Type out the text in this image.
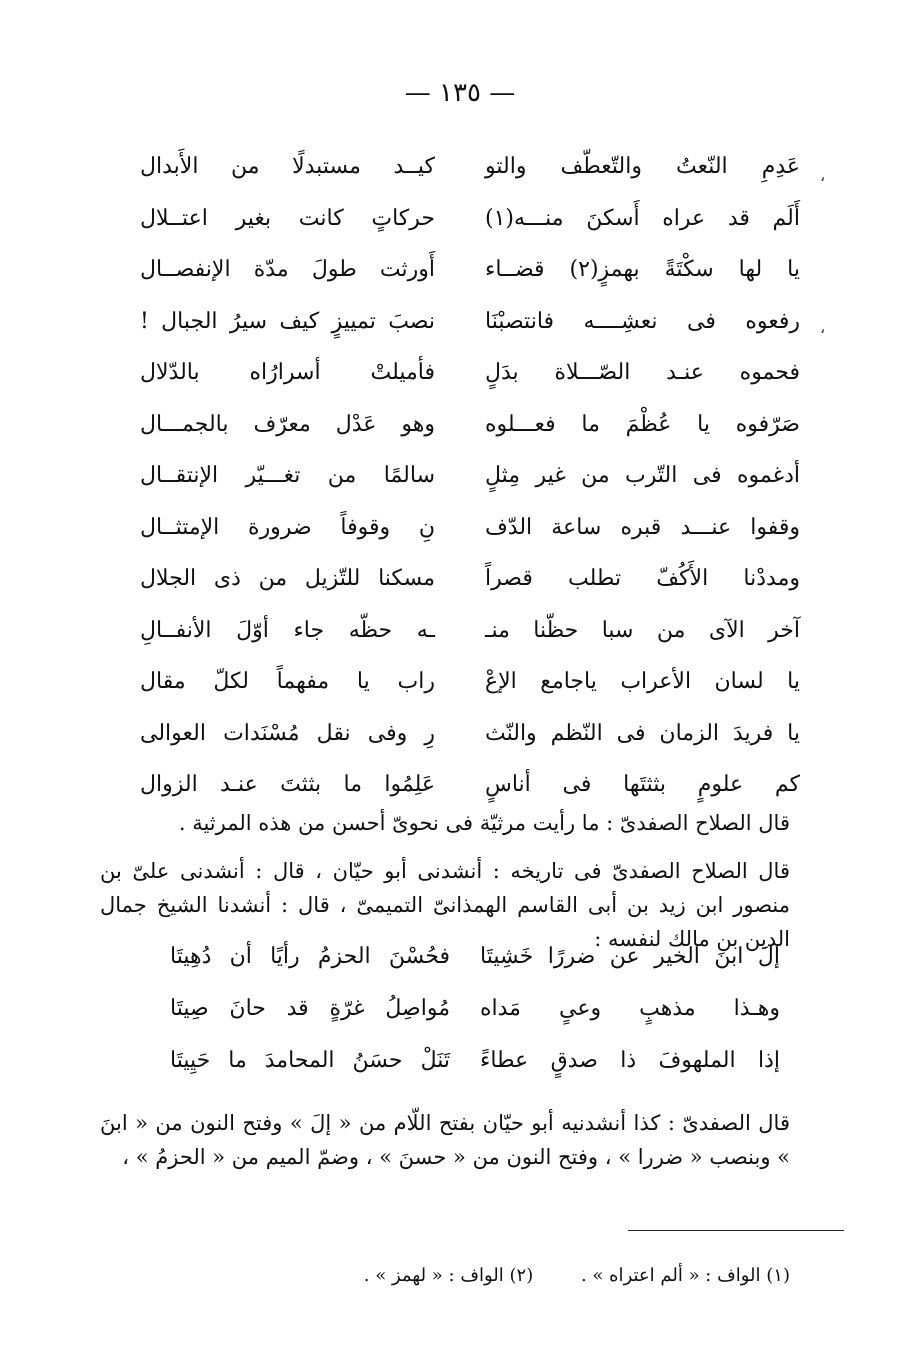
— ١٣٥ —
،
،
عَدِمِ النّعتُ والتّعطّف والتو
كيــد مستبدلًا من الأَبدال
أَلَم قد عراه أَسكنَ منـــه(١)
حركاتٍ كانت بغير اعتــلال
يا لها سكْتَةً بهمزٍ(٢) قضــاء
أَورثت طولَ مدّة الإنفصــال
رفعوه فى نعشِــــه فانتصبْنَا
نصبَ تمييزٍ كيف سيرُ الجبال !
فحموه عنـد الصّـــلاة بدَلٍ
فأميلتْ أسرارُاه بالدّلال
صَرّفوه يا عُظْمَ ما فعـــلوه
وهو عَدْل معرّف بالجمـــال
أدغموه فى التّرب من غير مِثلٍ
سالمًا من تغـــيّر الإنتقــال
وقفوا عنـــد قبره ساعة الدّف
نِ وقوفاً ضرورة الإمتثــال
ومددْنا الأَكُفّ تطلب قصراً
مسكنا للتّزيل من ذى الجلال
آخر الآى من سبا حظّنا منـ
ـه حظّه جاء أوّلَ الأنفــالِ
يا لسان الأعراب ياجامع الإعْ
راب يا مفهماً لكلّ مقال
يا فريدَ الزمان فى النّظم والنّث
رِ وفى نقل مُسْنَدات العوالى
كم علومٍ بثثتَها فى أناسٍ
عَلِمُوا ما بثثتَ عنـد الزوال

قال الصلاح الصفدىّ : ما رأيت مرثيّة فى نحوىّ أحسن من هذه المرثية .

قال الصلاح الصفدىّ فى تاريخه : أنشدنى أبو حيّان ، قال : أنشدنى علىّ بن منصور ابن زيد بن أبى القاسم الهمذانىّ التميمىّ ، قال : أنشدنا الشيخ جمال الدين بن مالك لنفسه :

إلَ ابنَ الخير عن ضررًا خَشِيتَا
فحُسْنَ الحزمُ رأيًا أن دُهِيتَا
وهـذا مذهبٍ وعىٍ مَداه
مُواصِلُ غرّةٍ قد حانَ صِيتَا
إذا الملهوفَ ذا صدقٍ عطاءً
تَنَلْ حسَنُ المحامدَ ما حَيِيتَا

قال الصفدىّ : كذا أنشدنيه أبو حيّان بفتح اللّام من « إلَ » وفتح النون من « ابنَ » وبنصب « ضررا » ، وفتح النون من « حسنَ » ، وضمّ الميم من « الحزمُ » ،

(١) الواف : « ألم اعتراه » . (٢) الواف : « لهمز » .
